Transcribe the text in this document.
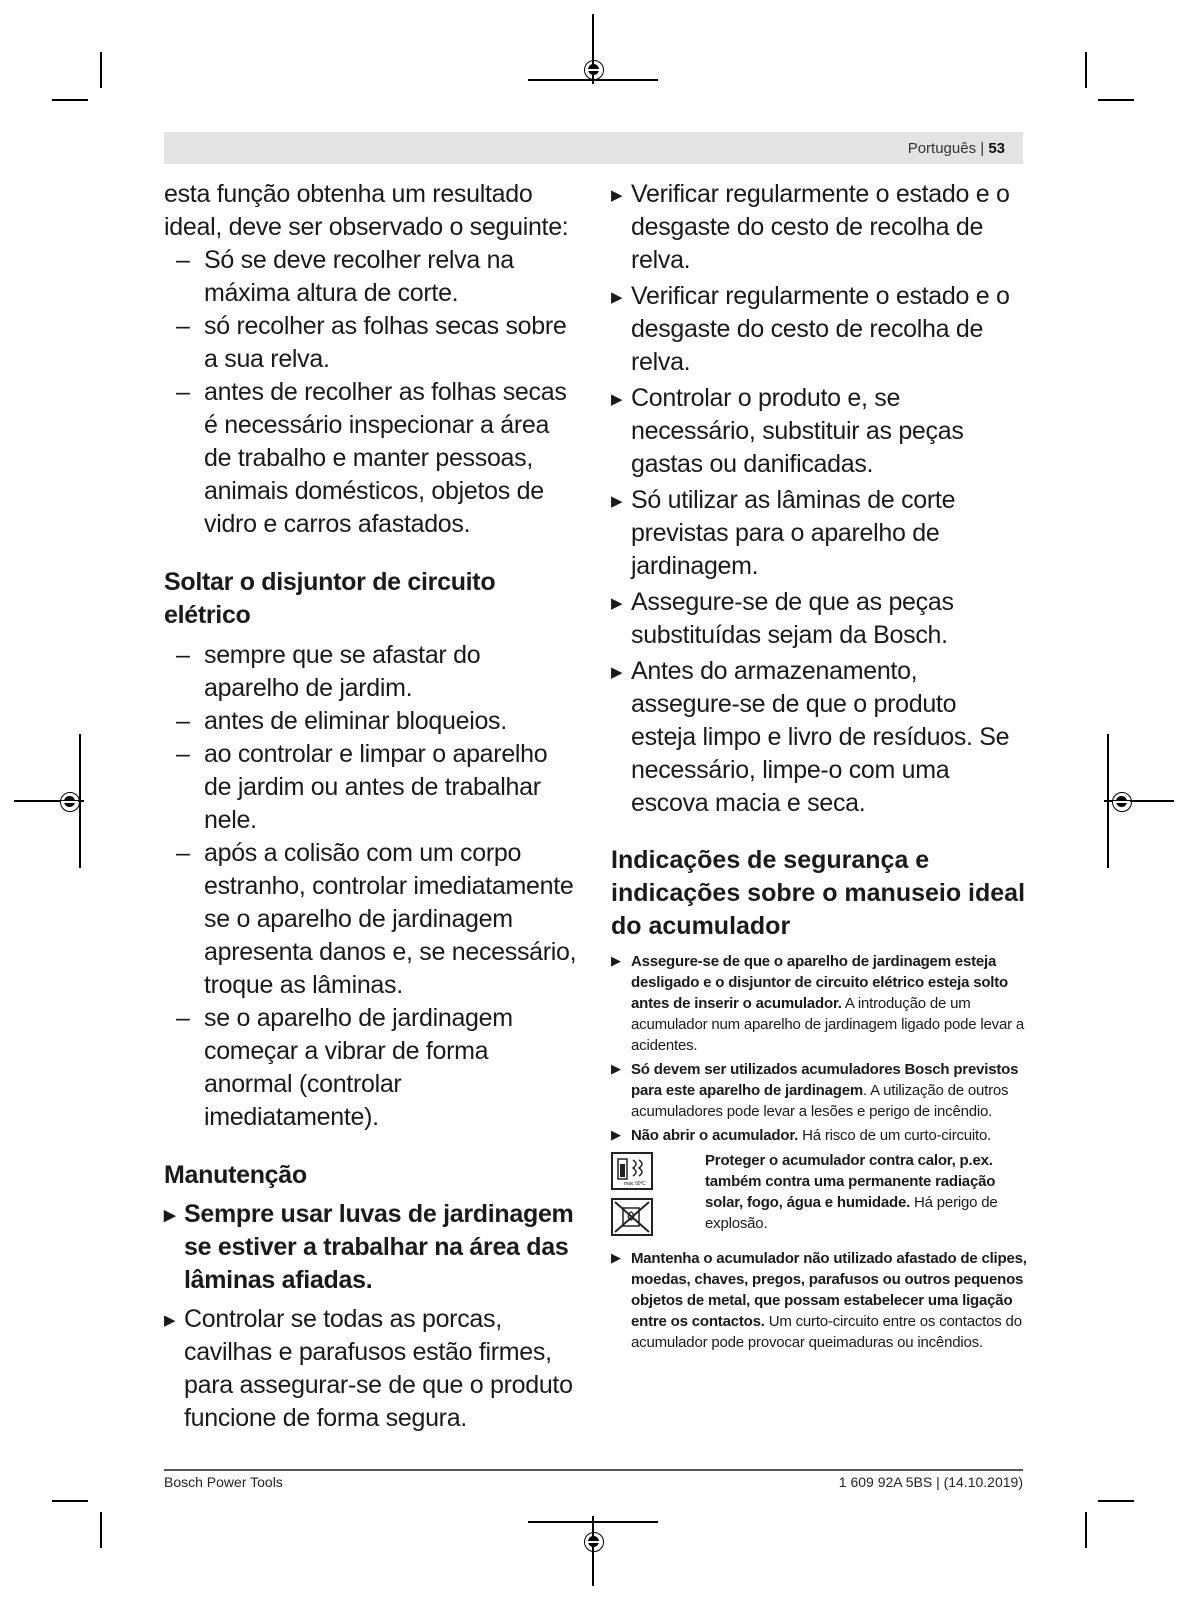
Português | 53

esta função obtenha um resultado ideal, deve ser observado o seguinte:

– Só se deve recolher relva na máxima altura de corte.
– só recolher as folhas secas sobre a sua relva.
– antes de recolher as folhas secas é necessário inspecionar a área de trabalho e manter pessoas, animais domésticos, objetos de vidro e carros afastados.

Soltar o disjuntor de circuito elétrico

– sempre que se afastar do aparelho de jardim.
– antes de eliminar bloqueios.
– ao controlar e limpar o aparelho de jardim ou antes de trabalhar nele.
– após a colisão com um corpo estranho, controlar imediatamente se o aparelho de jardinagem apresenta danos e, se necessário, troque as lâminas.
– se o aparelho de jardinagem começar a vibrar de forma anormal (controlar imediatamente).

Manutenção

▶ Sempre usar luvas de jardinagem se estiver a trabalhar na área das lâminas afiadas.
▶ Controlar se todas as porcas, cavilhas e parafusos estão firmes, para assegurar-se de que o produto funcione de forma segura.
▶ Verificar regularmente o estado e o desgaste do cesto de recolha de relva.
▶ Verificar regularmente o estado e o desgaste do cesto de recolha de relva.
▶ Controlar o produto e, se necessário, substituir as peças gastas ou danificadas.
▶ Só utilizar as lâminas de corte previstas para o aparelho de jardinagem.
▶ Assegure-se de que as peças substituídas sejam da Bosch.
▶ Antes do armazenamento, assegure-se de que o produto esteja limpo e livro de resíduos. Se necessário, limpe-o com uma escova macia e seca.

Indicações de segurança e indicações sobre o manuseio ideal do acumulador

▶ Assegure-se de que o aparelho de jardinagem esteja desligado e o disjuntor de circuito elétrico esteja solto antes de inserir o acumulador. A introdução de um acumulador num aparelho de jardinagem ligado pode levar a acidentes.
▶ Só devem ser utilizados acumuladores Bosch previstos para este aparelho de jardinagem. A utilização de outros acumuladores pode levar a lesões e perigo de incêndio.
▶ Não abrir o acumulador. Há risco de um curto-circuito.
max. 50°C
Proteger o acumulador contra calor, p.ex. também contra uma permanente radiação solar, fogo, água e humidade. Há perigo de explosão.
▶ Mantenha o acumulador não utilizado afastado de clipes, moedas, chaves, pregos, parafusos ou outros pequenos objetos de metal, que possam estabelecer uma ligação entre os contactos. Um curto-circuito entre os contactos do acumulador pode provocar queimaduras ou incêndios.
Bosch Power Tools	1 609 92A 5BS | (14.10.2019)
